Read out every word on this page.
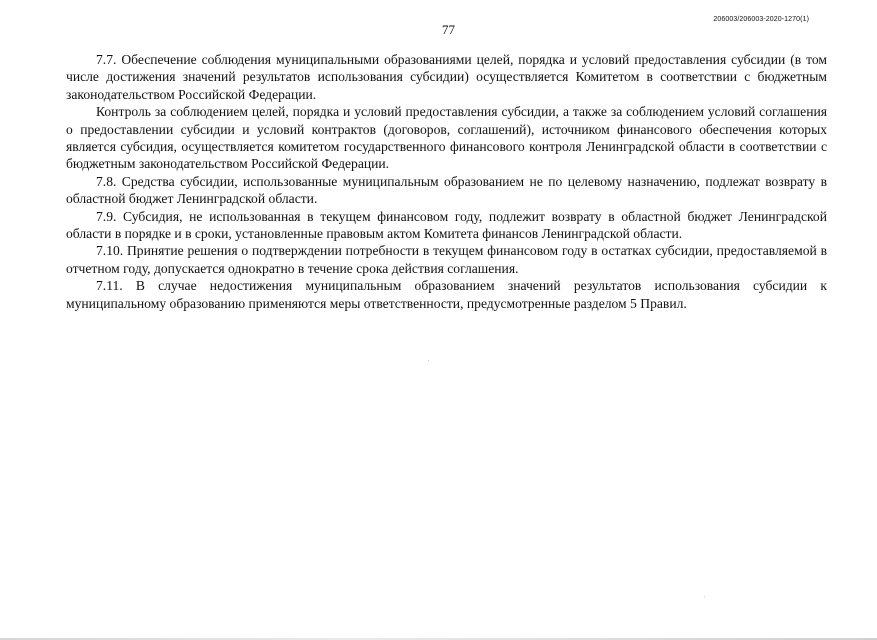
77
206003/206003-2020-1270(1)

7.7. Обеспечение соблюдения муниципальными образованиями целей, порядка и условий предоставления субсидии (в том числе достижения значений результатов использования субсидии) осуществляется Комитетом в соответствии с бюджетным законодательством Российской Федерации.

Контроль за соблюдением целей, порядка и условий предоставления субсидии, а также за соблюдением условий соглашения о предоставлении субсидии и условий контрактов (договоров, соглашений), источником финансового обеспечения которых является субсидия, осуществляется комитетом государственного финансового контроля Ленинградской области в соответствии с бюджетным законодательством Российской Федерации.

7.8. Средства субсидии, использованные муниципальным образованием не по целевому назначению, подлежат возврату в областной бюджет Ленинградской области.

7.9. Субсидия, не использованная в текущем финансовом году, подлежит возврату в областной бюджет Ленинградской области в порядке и в сроки, установленные правовым актом Комитета финансов Ленинградской области.

7.10. Принятие решения о подтверждении потребности в текущем финансовом году в остатках субсидии, предоставляемой в отчетном году, допускается однократно в течение срока действия соглашения.

7.11. В случае недостижения муниципальным образованием значений результатов использования субсидии к муниципальному образованию применяются меры ответственности, предусмотренные разделом 5 Правил.
